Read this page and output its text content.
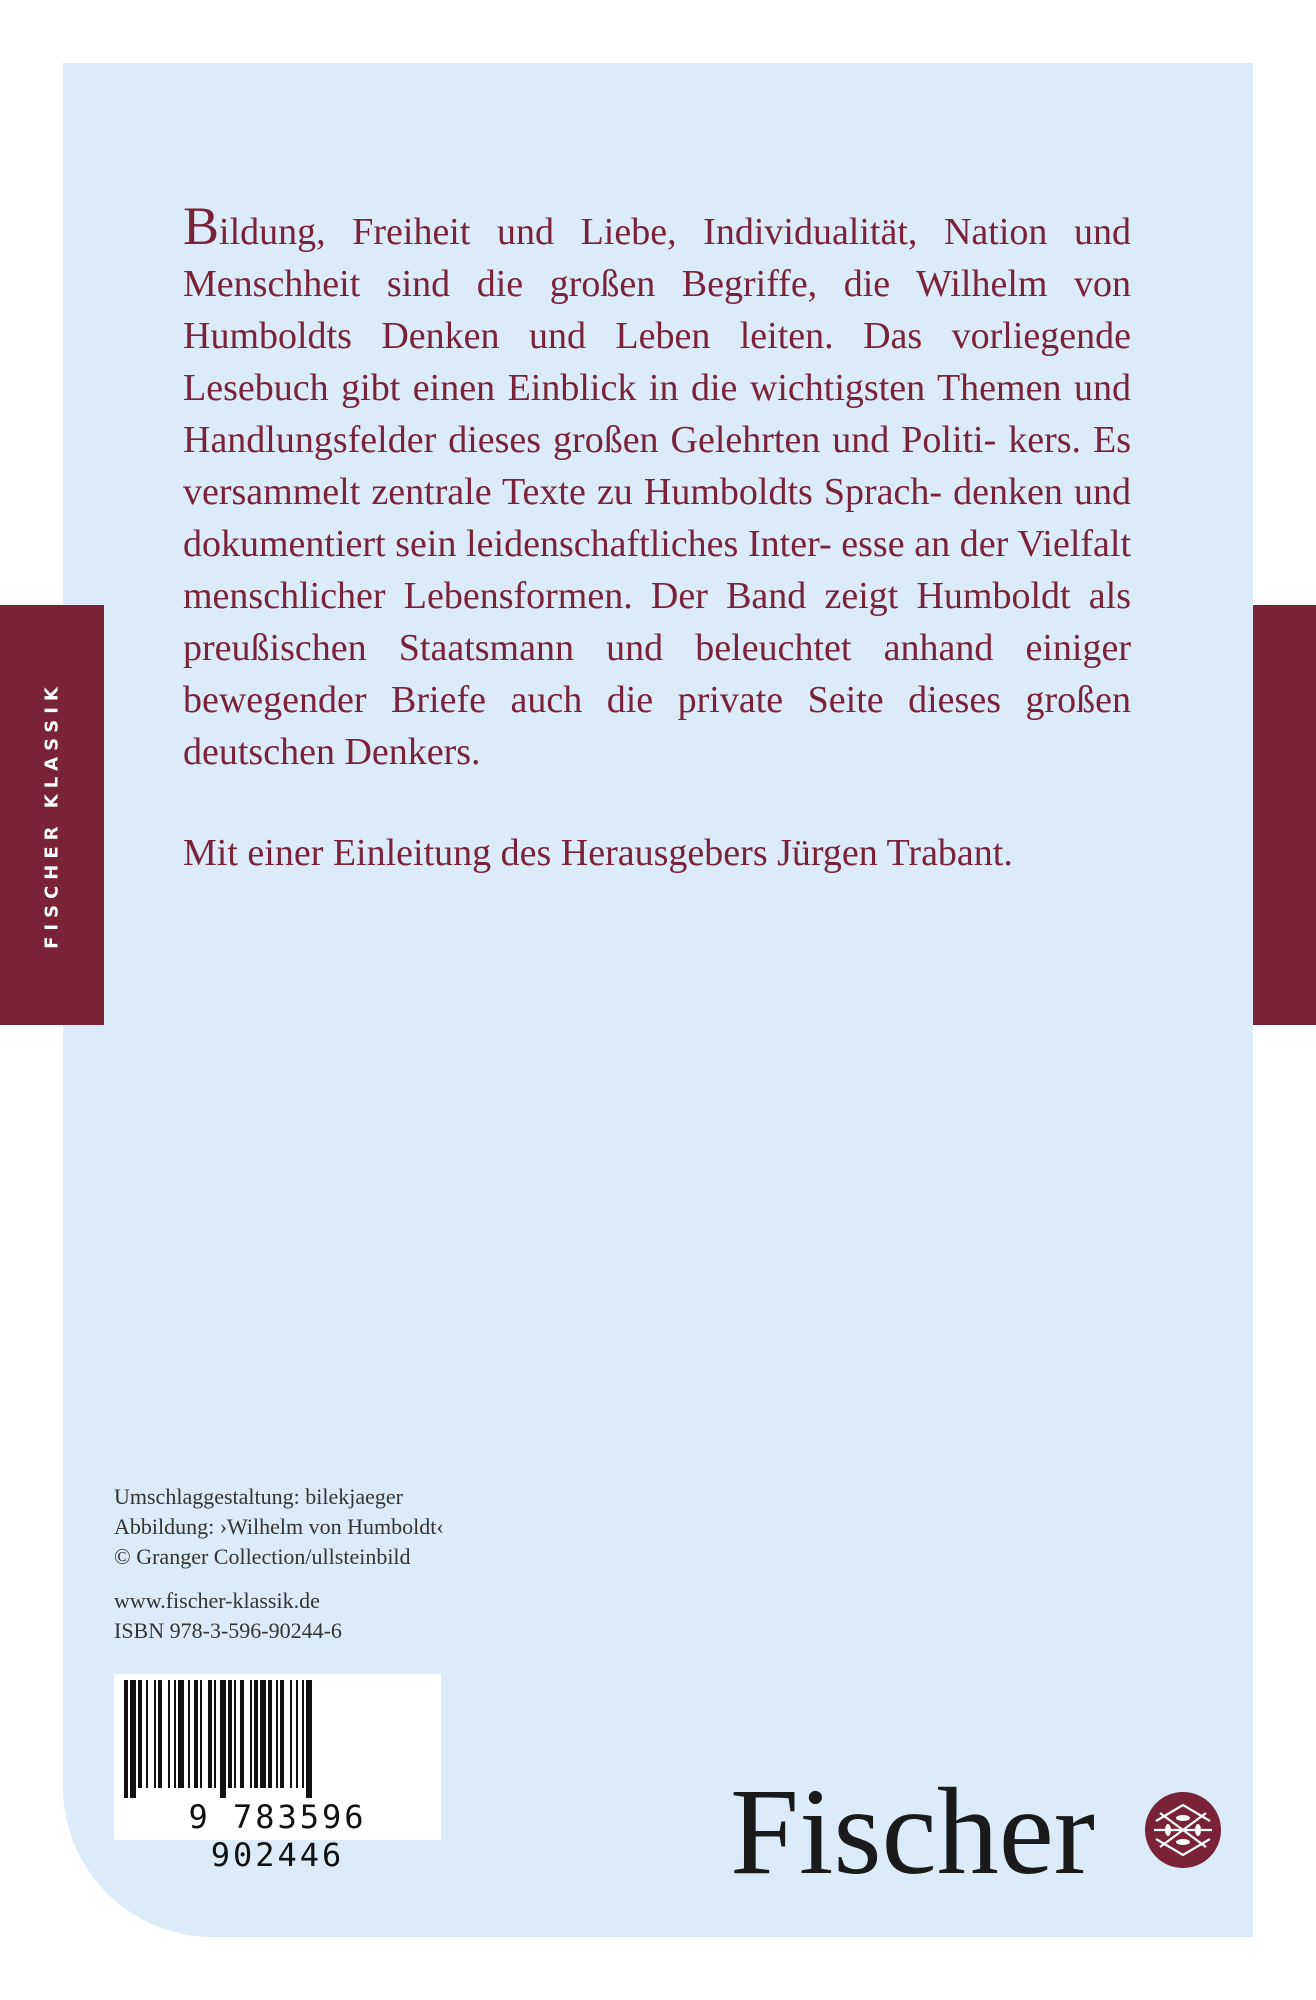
FISCHER KLASSIK

Bildung, Freiheit und Liebe, Individualität, Nation und Menschheit sind die großen Begriffe, die Wilhelm von Humboldts Denken und Leben leiten. Das vorliegende Lesebuch gibt einen Einblick in die wichtigsten Themen und Handlungsfelder dieses großen Gelehrten und Politi- kers. Es versammelt zentrale Texte zu Humboldts Sprach- denken und dokumentiert sein leidenschaftliches Inter- esse an der Vielfalt menschlicher Lebensformen. Der Band zeigt Humboldt als preußischen Staatsmann und beleuchtet anhand einiger bewegender Briefe auch die private Seite dieses großen deutschen Denkers.

Mit einer Einleitung des Herausgebers Jürgen Trabant.

Umschlaggestaltung: bilekjaeger
Abbildung: ›Wilhelm von Humboldt‹
© Granger Collection/ullsteinbild
www.fischer-klassik.de
ISBN 978-3-596-90244-6
9 783596 902446	Fischer
